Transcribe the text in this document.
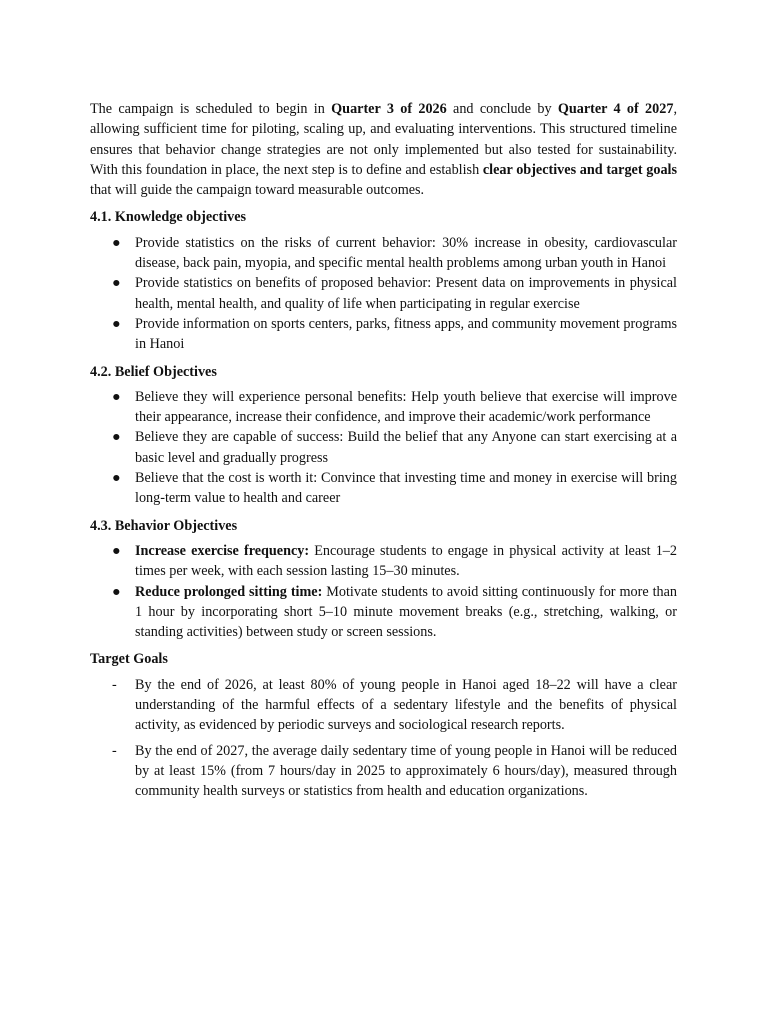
The campaign is scheduled to begin in Quarter 3 of 2026 and conclude by Quarter 4 of 2027, allowing sufficient time for piloting, scaling up, and evaluating interventions. This structured timeline ensures that behavior change strategies are not only implemented but also tested for sustainability. With this foundation in place, the next step is to define and establish clear objectives and target goals that will guide the campaign toward measurable outcomes.

4.1. Knowledge objectives
●	Provide statistics on the risks of current behavior: 30% increase in obesity, cardiovascular disease, back pain, myopia, and specific mental health problems among urban youth in Hanoi
●	Provide statistics on benefits of proposed behavior: Present data on improvements in physical health, mental health, and quality of life when participating in regular exercise
●	Provide information on sports centers, parks, fitness apps, and community movement programs in Hanoi
4.2. Belief Objectives
●	Believe they will experience personal benefits: Help youth believe that exercise will improve their appearance, increase their confidence, and improve their academic/work performance
●	Believe they are capable of success: Build the belief that any Anyone can start exercising at a basic level and gradually progress
●	Believe that the cost is worth it: Convince that investing time and money in exercise will bring long-term value to health and career
4.3. Behavior Objectives
●	Increase exercise frequency: Encourage students to engage in physical activity at least 1–2 times per week, with each session lasting 15–30 minutes.
●	Reduce prolonged sitting time: Motivate students to avoid sitting continuously for more than 1 hour by incorporating short 5–10 minute movement breaks (e.g., stretching, walking, or standing activities) between study or screen sessions.
Target Goals
-	By the end of 2026, at least 80% of young people in Hanoi aged 18–22 will have a clear understanding of the harmful effects of a sedentary lifestyle and the benefits of physical activity, as evidenced by periodic surveys and sociological research reports.
-	By the end of 2027, the average daily sedentary time of young people in Hanoi will be reduced by at least 15% (from 7 hours/day in 2025 to approximately 6 hours/day), measured through community health surveys or statistics from health and education organizations.
